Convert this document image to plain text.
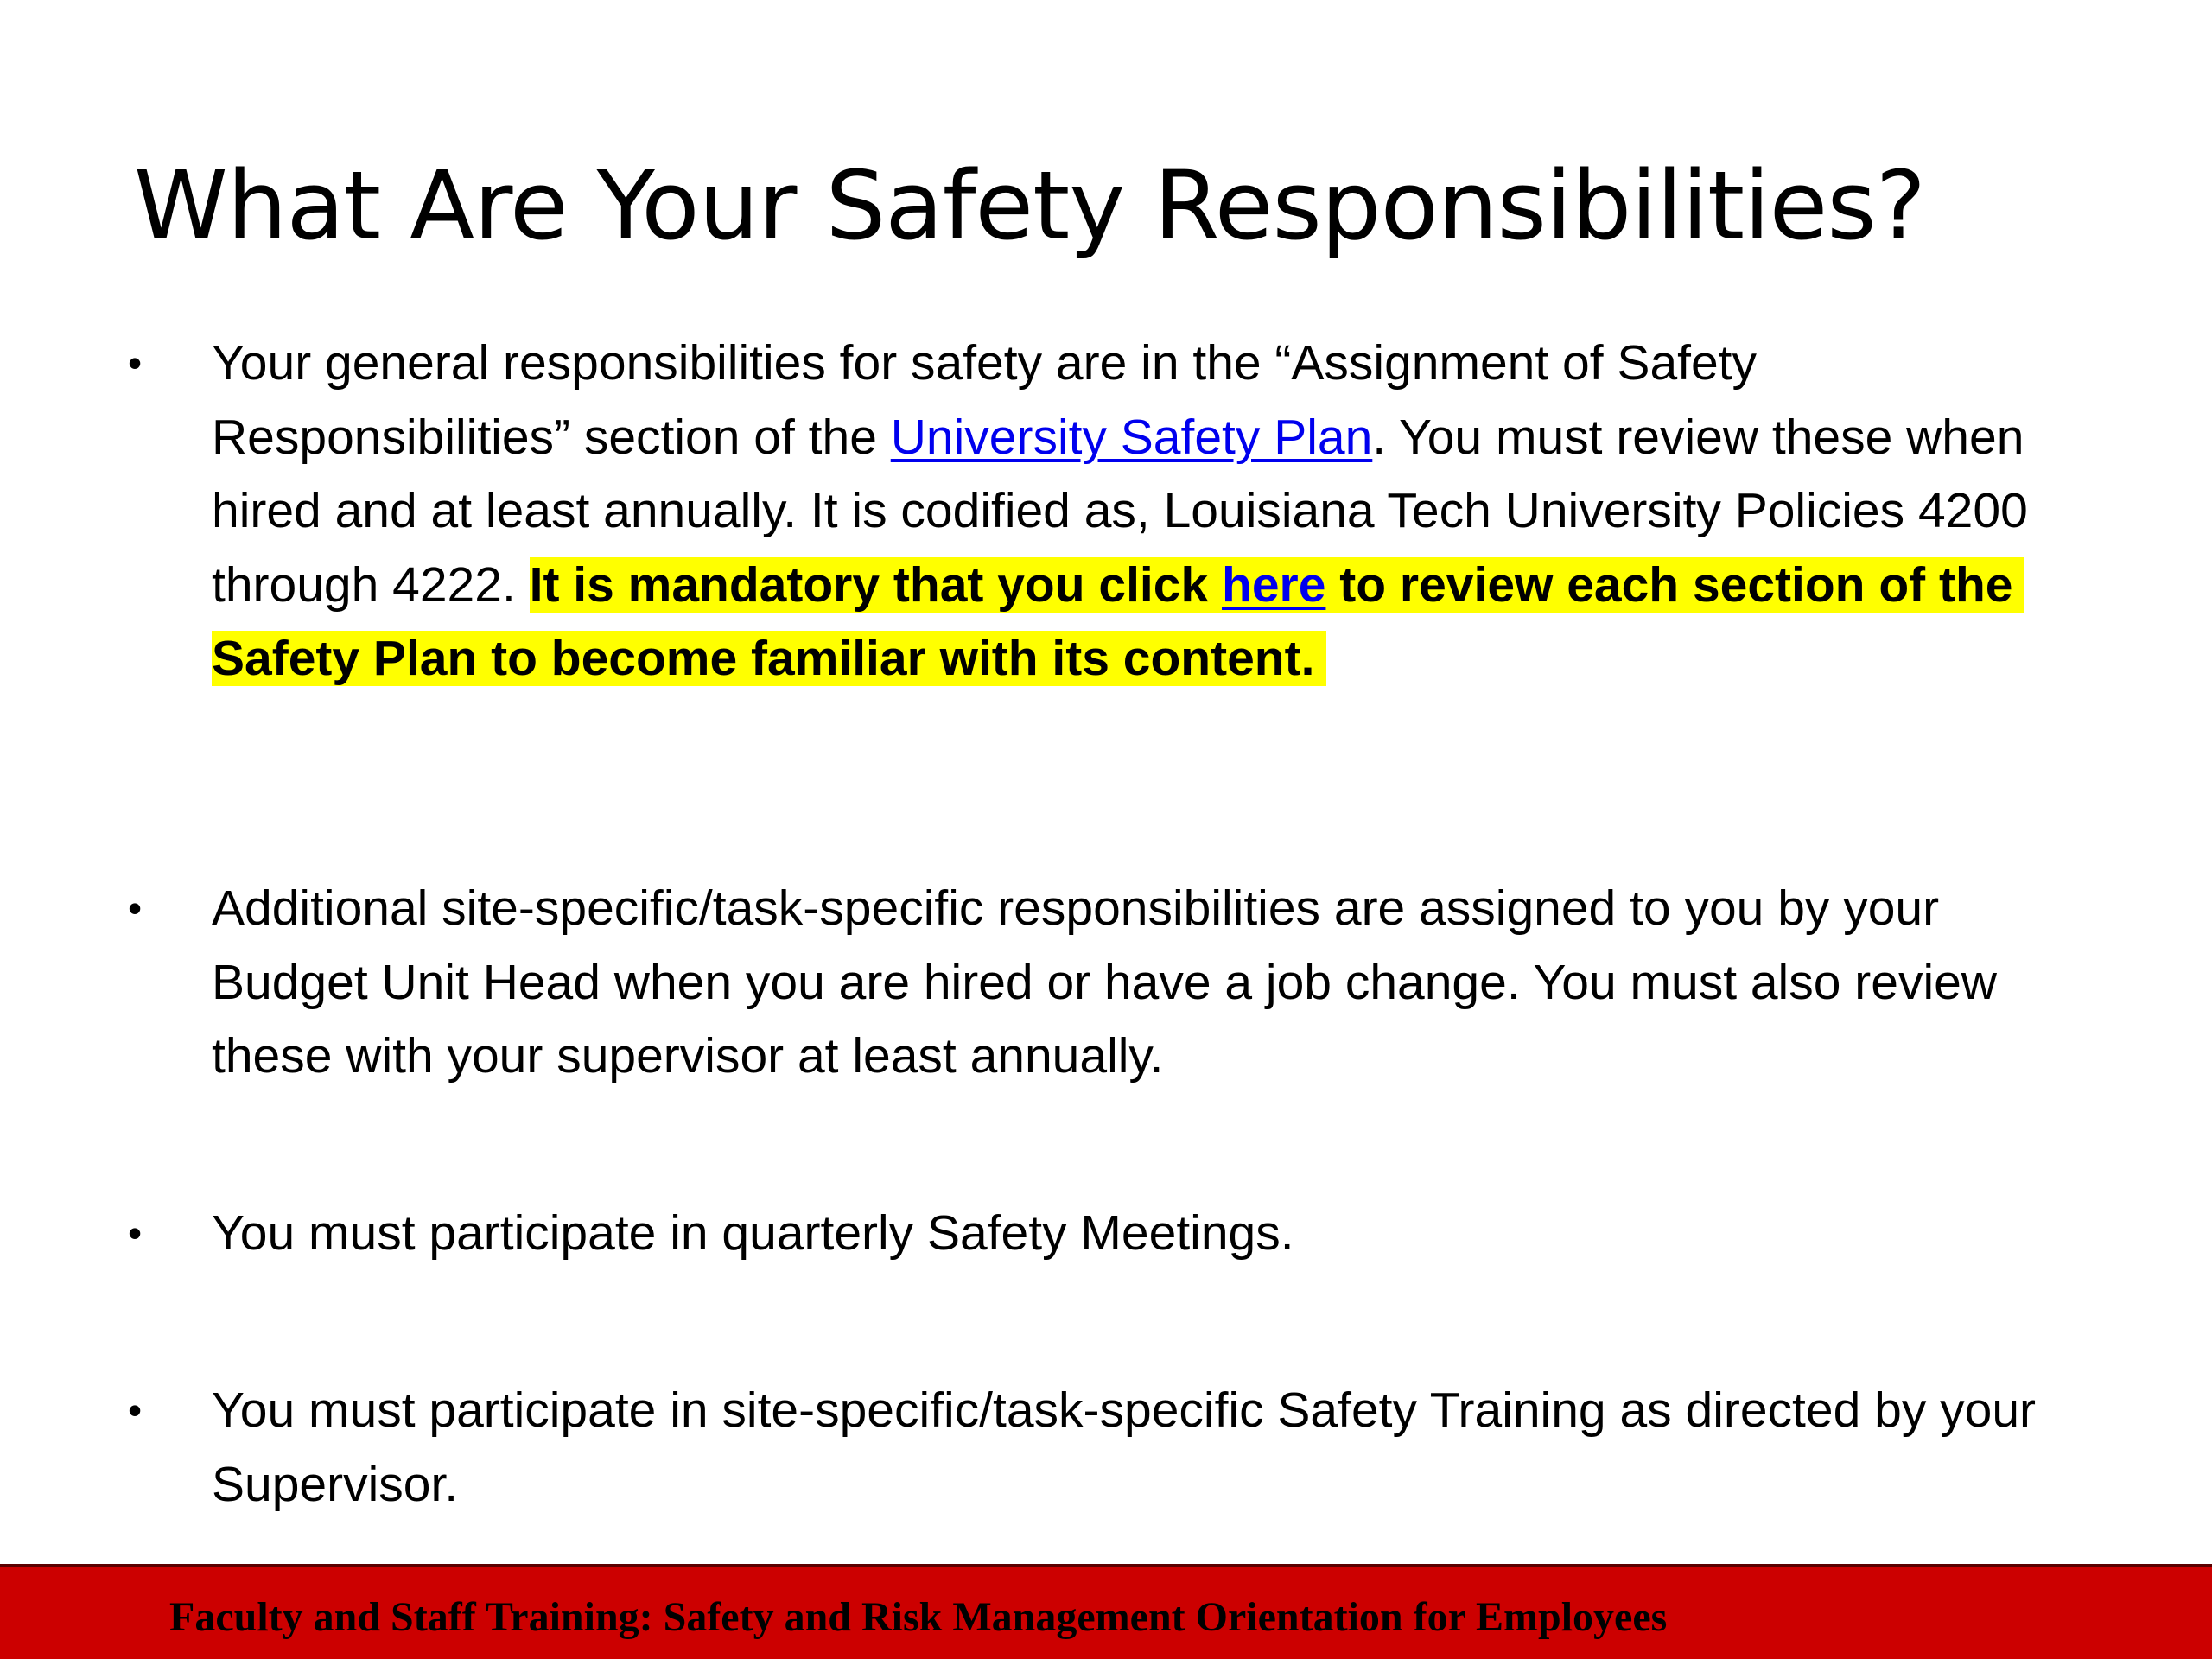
What Are Your Safety Responsibilities?
• Your general responsibilities for safety are in the “Assignment of Safety Responsibilities” section of the University Safety Plan. You must review these when hired and at least annually. It is codified as, Louisiana Tech University Policies 4200 through 4222. It is mandatory that you click here to review each section of the Safety Plan to become familiar with its content.
• Additional site-specific/task-specific responsibilities are assigned to you by your Budget Unit Head when you are hired or have a job change. You must also review these with your supervisor at least annually.
• You must participate in quarterly Safety Meetings.
• You must participate in site-specific/task-specific Safety Training as directed by your Supervisor.
Faculty and Staff Training: Safety and Risk Management Orientation for Employees
